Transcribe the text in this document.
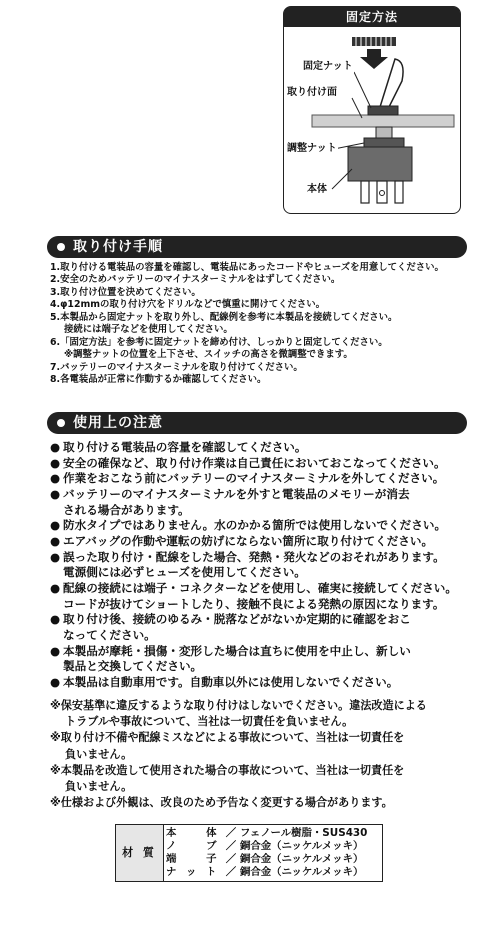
固定方法
固定ナット
取り付け面
調整ナット
本体
取り付け手順
1.取り付ける電装品の容量を確認し、電装品にあったコードやヒューズを用意してください。
2.安全のためバッテリーのマイナスターミナルをはずしてください。
3.取り付け位置を決めてください。
4.φ12mmの取り付け穴をドリルなどで慎重に開けてください。
5.本製品から固定ナットを取り外し、配線例を参考に本製品を接続してください。
接続には端子などを使用してください。
6.「固定方法」を参考に固定ナットを締め付け、しっかりと固定してください。
※調整ナットの位置を上下させ、スイッチの高さを微調整できます。
7.バッテリーのマイナスターミナルを取り付けてください。
8.各電装品が正常に作動するか確認してください。
使用上の注意
● 取り付ける電装品の容量を確認してください。
● 安全の確保など、取り付け作業は自己責任においておこなってください。
● 作業をおこなう前にバッテリーのマイナスターミナルを外してください。
● バッテリーのマイナスターミナルを外すと電装品のメモリーが消去
される場合があります。
● 防水タイプではありません。水のかかる箇所では使用しないでください。
● エアバッグの作動や運転の妨げにならない箇所に取り付けてください。
● 誤った取り付け・配線をした場合、発熱・発火などのおそれがあります。
電源側には必ずヒューズを使用してください。
● 配線の接続には端子・コネクターなどを使用し、確実に接続してください。
コードが抜けてショートしたり、接触不良による発熱の原因になります。
● 取り付け後、接続のゆるみ・脱落などがないか定期的に確認をおこ
なってください。
● 本製品が摩耗・損傷・変形した場合は直ちに使用を中止し、新しい
製品と交換してください。
● 本製品は自動車用です。自動車以外には使用しないでください。
※保安基準に違反するような取り付けはしないでください。違法改造による
トラブルや事故について、当社は一切責任を負いません。
※取り付け不備や配線ミスなどによる事故について、当社は一切責任を
負いません。
※本製品を改造して使用された場合の事故について、当社は一切責任を
負いません。
※仕様および外観は、改良のため予告なく変更する場合があります。
材 質
本　　体 ／ フェノール樹脂・SUS430
ノ　　ブ ／ 銅合金（ニッケルメッキ）
端　　子 ／ 銅合金（ニッケルメッキ）
ナ ッ ト ／ 銅合金（ニッケルメッキ）
